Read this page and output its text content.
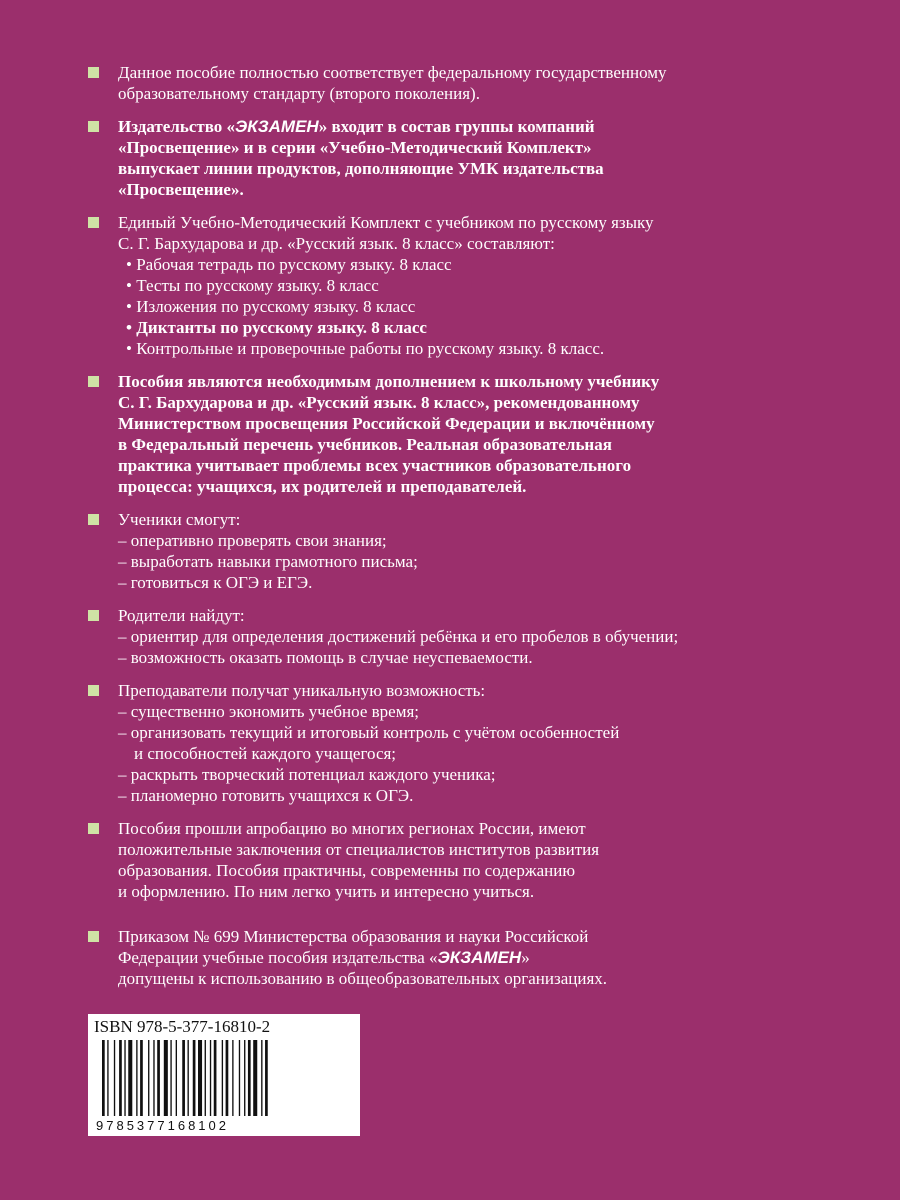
Данное пособие полностью соответствует федеральному государственному
образовательному стандарту (второго поколения).
Издательство «ЭКЗАМЕН» входит в состав группы компаний
«Просвещение» и в серии «Учебно-Методический Комплект»
выпускает линии продуктов, дополняющие УМК издательства
«Просвещение».
Единый Учебно-Методический Комплект с учебником по русскому языку
С. Г. Бархударова и др. «Русский язык. 8 класс» составляют:
• Рабочая тетрадь по русскому языку. 8 класс
• Тесты по русскому языку. 8 класс
• Изложения по русскому языку. 8 класс
• Диктанты по русскому языку. 8 класс
• Контрольные и проверочные работы по русскому языку. 8 класс.
Пособия являются необходимым дополнением к школьному учебнику
С. Г. Бархударова и др. «Русский язык. 8 класс», рекомендованному
Министерством просвещения Российской Федерации и включённому
в Федеральный перечень учебников. Реальная образовательная
практика учитывает проблемы всех участников образовательного
процесса: учащихся, их родителей и преподавателей.
Ученики смогут:
– оперативно проверять свои знания;
– выработать навыки грамотного письма;
– готовиться к ОГЭ и ЕГЭ.
Родители найдут:
– ориентир для определения достижений ребёнка и его пробелов в обучении;
– возможность оказать помощь в случае неуспеваемости.
Преподаватели получат уникальную возможность:
– существенно экономить учебное время;
– организовать текущий и итоговый контроль с учётом особенностей
и способностей каждого учащегося;
– раскрыть творческий потенциал каждого ученика;
– планомерно готовить учащихся к ОГЭ.
Пособия прошли апробацию во многих регионах России, имеют
положительные заключения от специалистов институтов развития
образования. Пособия практичны, современны по содержанию
и оформлению. По ним легко учить и интересно учиться.
Приказом № 699 Министерства образования и науки Российской
Федерации учебные пособия издательства «ЭКЗАМЕН»
допущены к использованию в общеобразовательных организациях.
ISBN 978-5-377-16810-2
9785377168102
